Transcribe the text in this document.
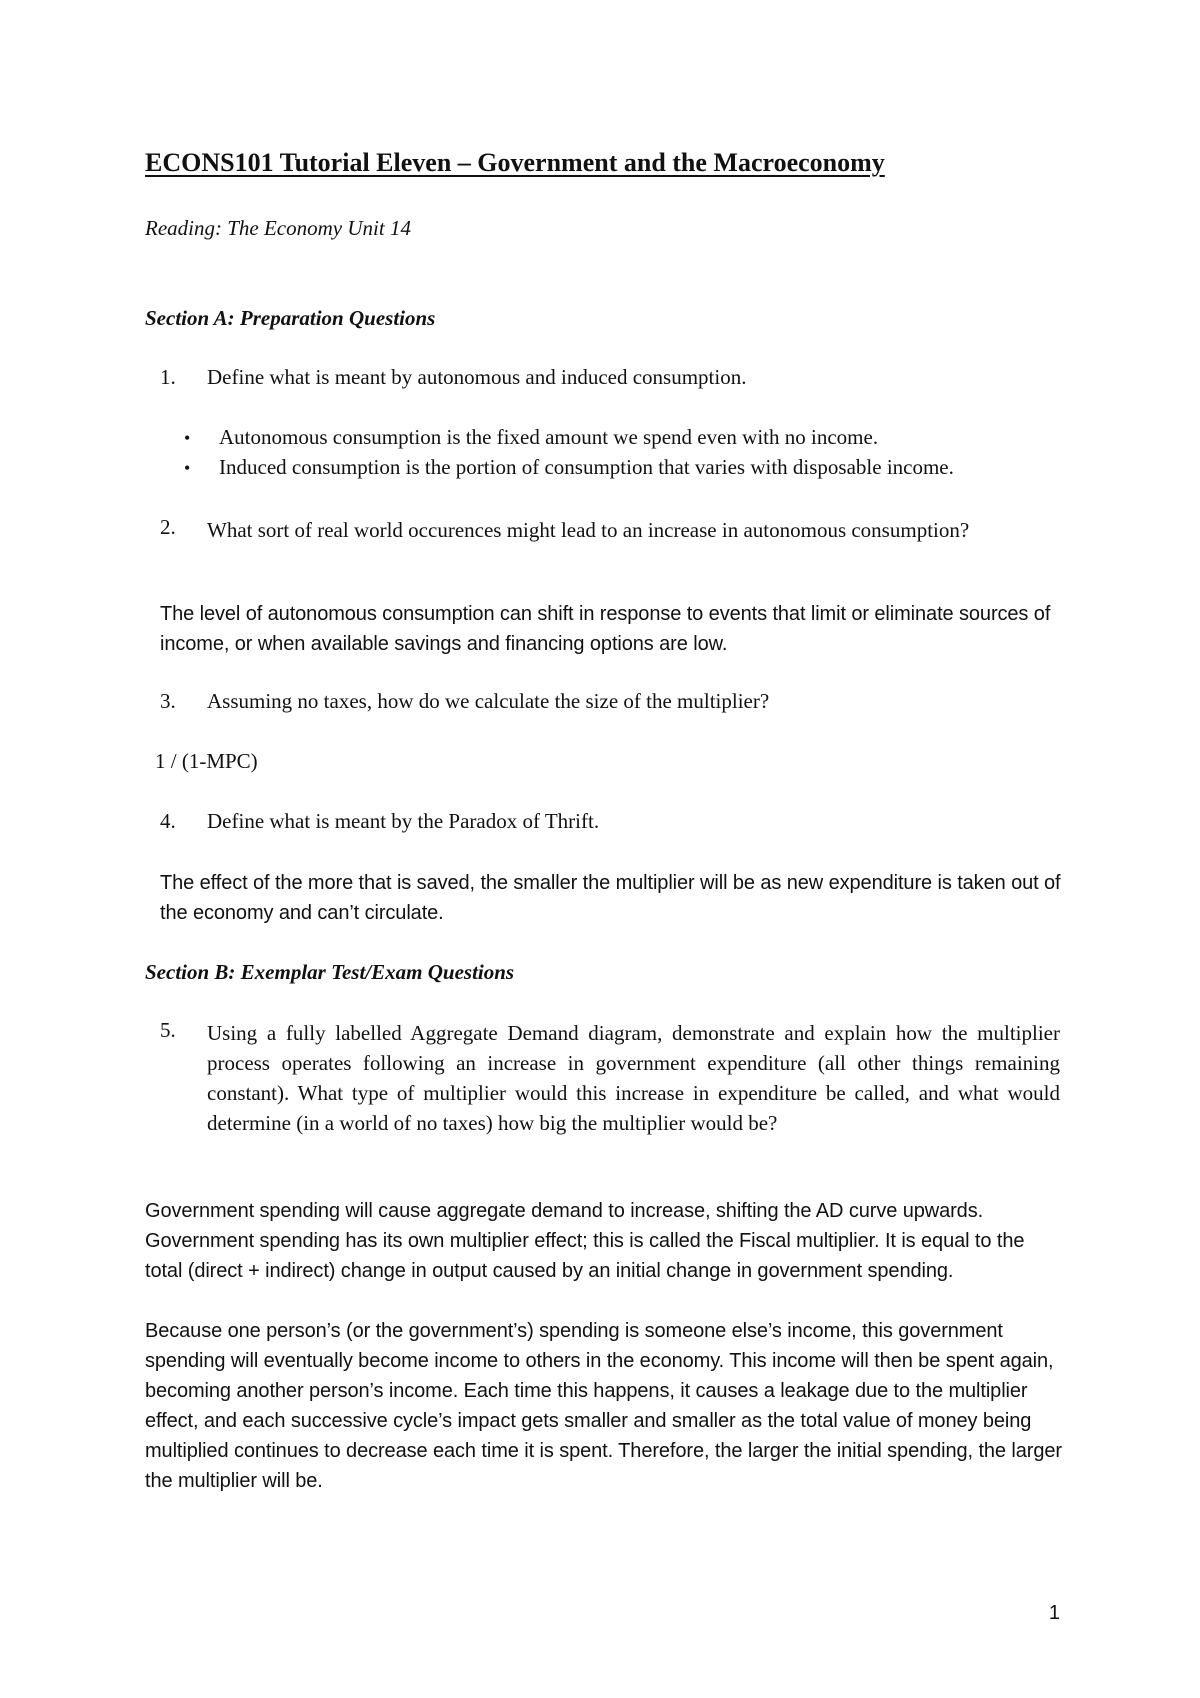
ECONS101 Tutorial Eleven – Government and the Macroeconomy

Reading: The Economy Unit 14

Section A: Preparation Questions

1. Define what is meant by autonomous and induced consumption.

• Autonomous consumption is the fixed amount we spend even with no income.

• Induced consumption is the portion of consumption that varies with disposable income.

2. What sort of real world occurences might lead to an increase in autonomous consumption?

The level of autonomous consumption can shift in response to events that limit or eliminate sources of income, or when available savings and financing options are low.

3. Assuming no taxes, how do we calculate the size of the multiplier?

1 / (1-MPC)

4. Define what is meant by the Paradox of Thrift.

The effect of the more that is saved, the smaller the multiplier will be as new expenditure is taken out of the economy and can’t circulate.

Section B: Exemplar Test/Exam Questions

5. Using a fully labelled Aggregate Demand diagram, demonstrate and explain how the multiplier process operates following an increase in government expenditure (all other things remaining constant). What type of multiplier would this increase in expenditure be called, and what would determine (in a world of no taxes) how big the multiplier would be?

Government spending will cause aggregate demand to increase, shifting the AD curve upwards. Government spending has its own multiplier effect; this is called the Fiscal multiplier. It is equal to the total (direct + indirect) change in output caused by an initial change in government spending.

Because one person’s (or the government’s) spending is someone else’s income, this government spending will eventually become income to others in the economy. This income will then be spent again, becoming another person’s income. Each time this happens, it causes a leakage due to the multiplier effect, and each successive cycle’s impact gets smaller and smaller as the total value of money being multiplied continues to decrease each time it is spent. Therefore, the larger the initial spending, the larger the multiplier will be.

1
